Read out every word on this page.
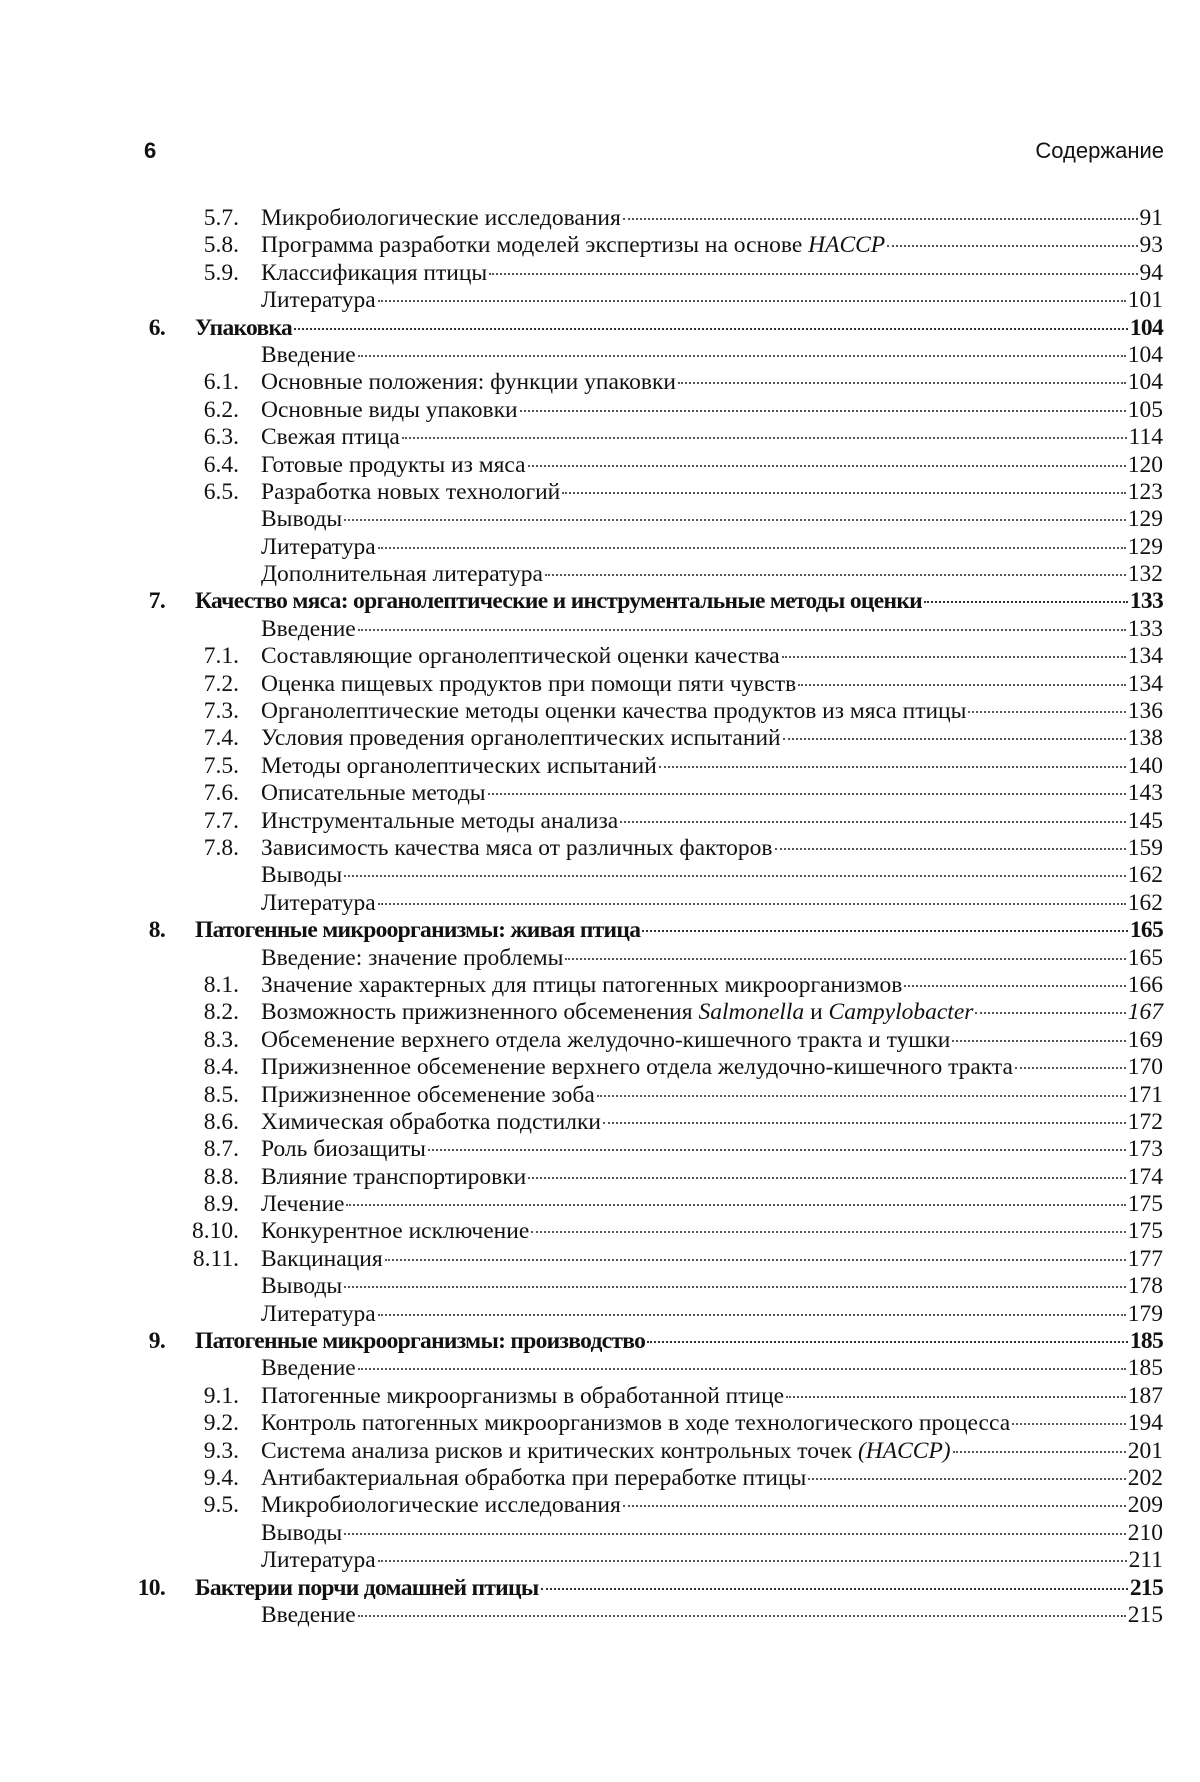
6	Содержание
5.7. Микробиологические исследования	91
5.8. Программа разработки моделей экспертизы на основе HACCP	93
5.9. Классификация птицы	94
Литература	101
6. Упаковка	104
Введение	104
6.1. Основные положения: функции упаковки	104
6.2. Основные виды упаковки	105
6.3. Свежая птица	114
6.4. Готовые продукты из мяса	120
6.5. Разработка новых технологий	123
Выводы	129
Литература	129
Дополнительная литература	132
7. Качество мяса: органолептические и инструментальные методы оценки	133
Введение	133
7.1. Составляющие органолептической оценки качества	134
7.2. Оценка пищевых продуктов при помощи пяти чувств	134
7.3. Органолептические методы оценки качества продуктов из мяса птицы	136
7.4. Условия проведения органолептических испытаний	138
7.5. Методы органолептических испытаний	140
7.6. Описательные методы	143
7.7. Инструментальные методы анализа	145
7.8. Зависимость качества мяса от различных факторов	159
Выводы	162
Литература	162
8. Патогенные микроорганизмы: живая птица	165
Введение: значение проблемы	165
8.1. Значение характерных для птицы патогенных микроорганизмов	166
8.2. Возможность прижизненного обсеменения Salmonella и Campylobacter	167
8.3. Обсеменение верхнего отдела желудочно-кишечного тракта и тушки	169
8.4. Прижизненное обсеменение верхнего отдела желудочно-кишечного тракта	170
8.5. Прижизненное обсеменение зоба	171
8.6. Химическая обработка подстилки	172
8.7. Роль биозащиты	173
8.8. Влияние транспортировки	174
8.9. Лечение	175
8.10. Конкурентное исключение	175
8.11. Вакцинация	177
Выводы	178
Литература	179
9. Патогенные микроорганизмы: производство	185
Введение	185
9.1. Патогенные микроорганизмы в обработанной птице	187
9.2. Контроль патогенных микроорганизмов в ходе технологического процесса	194
9.3. Система анализа рисков и критических контрольных точек (HACCP)	201
9.4. Антибактериальная обработка при переработке птицы	202
9.5. Микробиологические исследования	209
Выводы	210
Литература	211
10. Бактерии порчи домашней птицы	215
Введение	215
